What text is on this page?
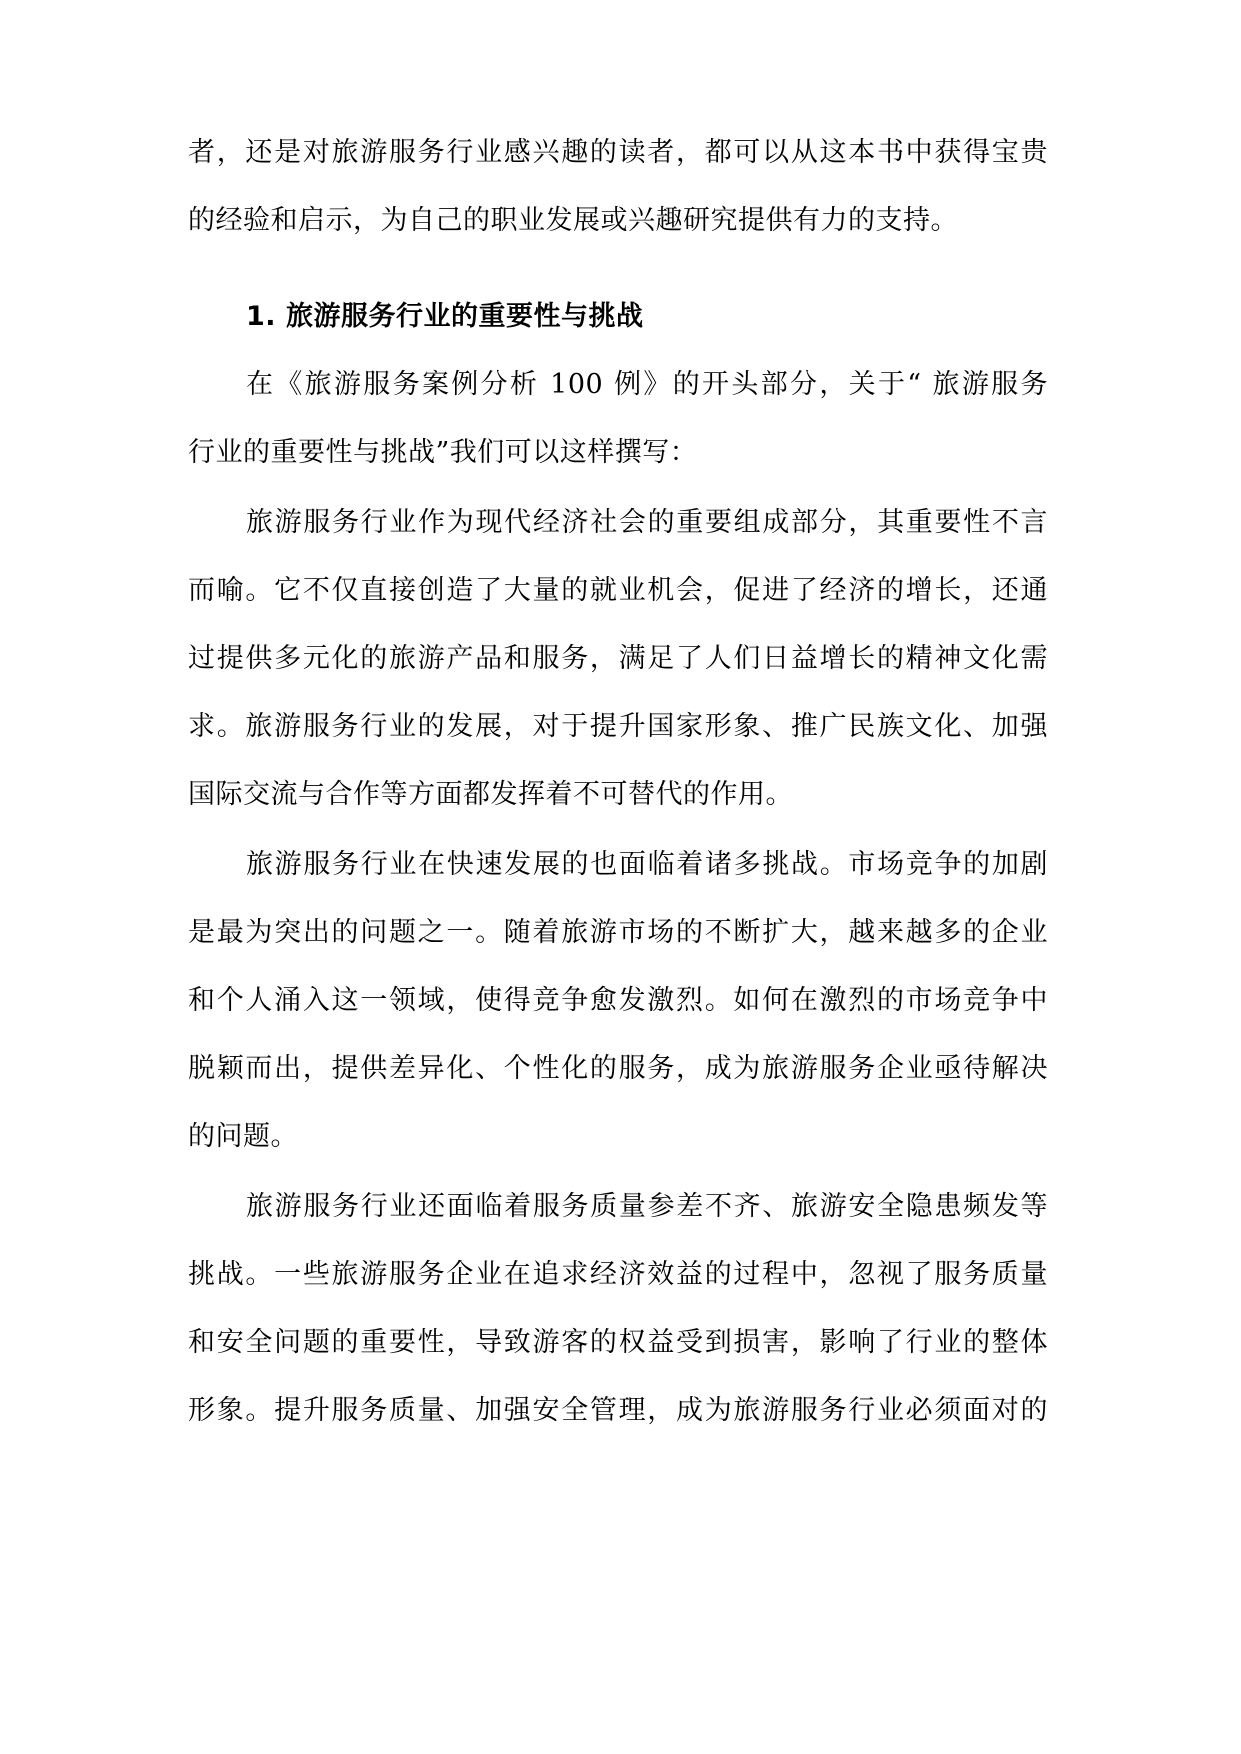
者，还是对旅游服务行业感兴趣的读者，都可以从这本书中获得宝贵
的经验和启示，为自己的职业发展或兴趣研究提供有力的支持。
1. 旅游服务行业的重要性与挑战
在《旅游服务案例分析 100 例》的开头部分，关于“ 旅游服务
行业的重要性与挑战”我们可以这样撰写：
旅游服务行业作为现代经济社会的重要组成部分，其重要性不言
而喻。它不仅直接创造了大量的就业机会，促进了经济的增长，还通
过提供多元化的旅游产品和服务，满足了人们日益增长的精神文化需
求。旅游服务行业的发展，对于提升国家形象、推广民族文化、加强
国际交流与合作等方面都发挥着不可替代的作用。
旅游服务行业在快速发展的也面临着诸多挑战。市场竞争的加剧
是最为突出的问题之一。随着旅游市场的不断扩大，越来越多的企业
和个人涌入这一领域，使得竞争愈发激烈。如何在激烈的市场竞争中
脱颖而出，提供差异化、个性化的服务，成为旅游服务企业亟待解决
的问题。
旅游服务行业还面临着服务质量参差不齐、旅游安全隐患频发等
挑战。一些旅游服务企业在追求经济效益的过程中，忽视了服务质量
和安全问题的重要性，导致游客的权益受到损害，影响了行业的整体
形象。提升服务质量、加强安全管理，成为旅游服务行业必须面对的
